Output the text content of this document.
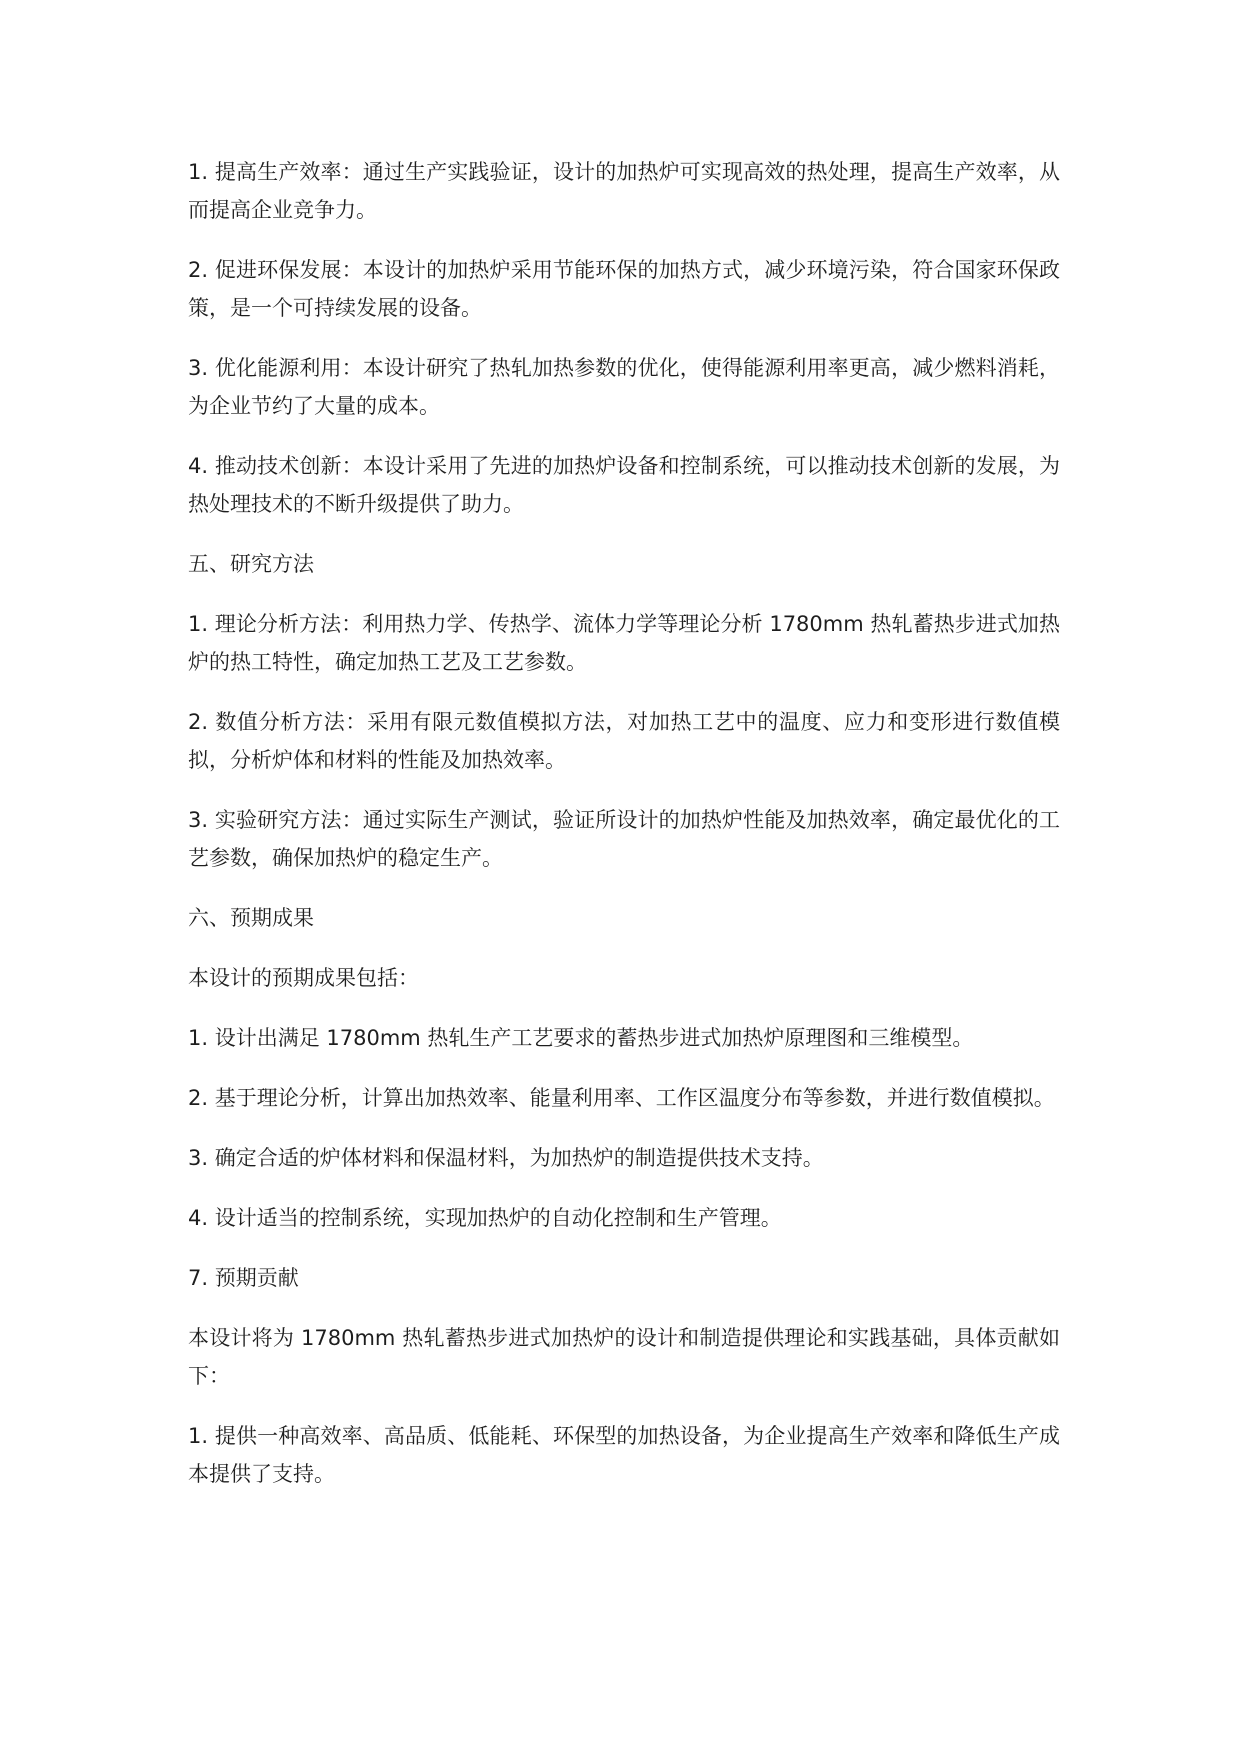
1. 提高生产效率：通过生产实践验证，设计的加热炉可实现高效的热处理，提高生产效率，从而提高企业竞争力。

2. 促进环保发展：本设计的加热炉采用节能环保的加热方式，减少环境污染，符合国家环保政策，是一个可持续发展的设备。

3. 优化能源利用：本设计研究了热轧加热参数的优化，使得能源利用率更高，减少燃料消耗，为企业节约了大量的成本。

4. 推动技术创新：本设计采用了先进的加热炉设备和控制系统，可以推动技术创新的发展，为热处理技术的不断升级提供了助力。

五、研究方法

1. 理论分析方法：利用热力学、传热学、流体力学等理论分析 1780mm 热轧蓄热步进式加热炉的热工特性，确定加热工艺及工艺参数。

2. 数值分析方法：采用有限元数值模拟方法，对加热工艺中的温度、应力和变形进行数值模拟，分析炉体和材料的性能及加热效率。

3. 实验研究方法：通过实际生产测试，验证所设计的加热炉性能及加热效率，确定最优化的工艺参数，确保加热炉的稳定生产。

六、预期成果

本设计的预期成果包括：

1. 设计出满足 1780mm 热轧生产工艺要求的蓄热步进式加热炉原理图和三维模型。

2. 基于理论分析，计算出加热效率、能量利用率、工作区温度分布等参数，并进行数值模拟。

3. 确定合适的炉体材料和保温材料，为加热炉的制造提供技术支持。

4. 设计适当的控制系统，实现加热炉的自动化控制和生产管理。

7. 预期贡献

本设计将为 1780mm 热轧蓄热步进式加热炉的设计和制造提供理论和实践基础，具体贡献如下：

1. 提供一种高效率、高品质、低能耗、环保型的加热设备，为企业提高生产效率和降低生产成本提供了支持。
